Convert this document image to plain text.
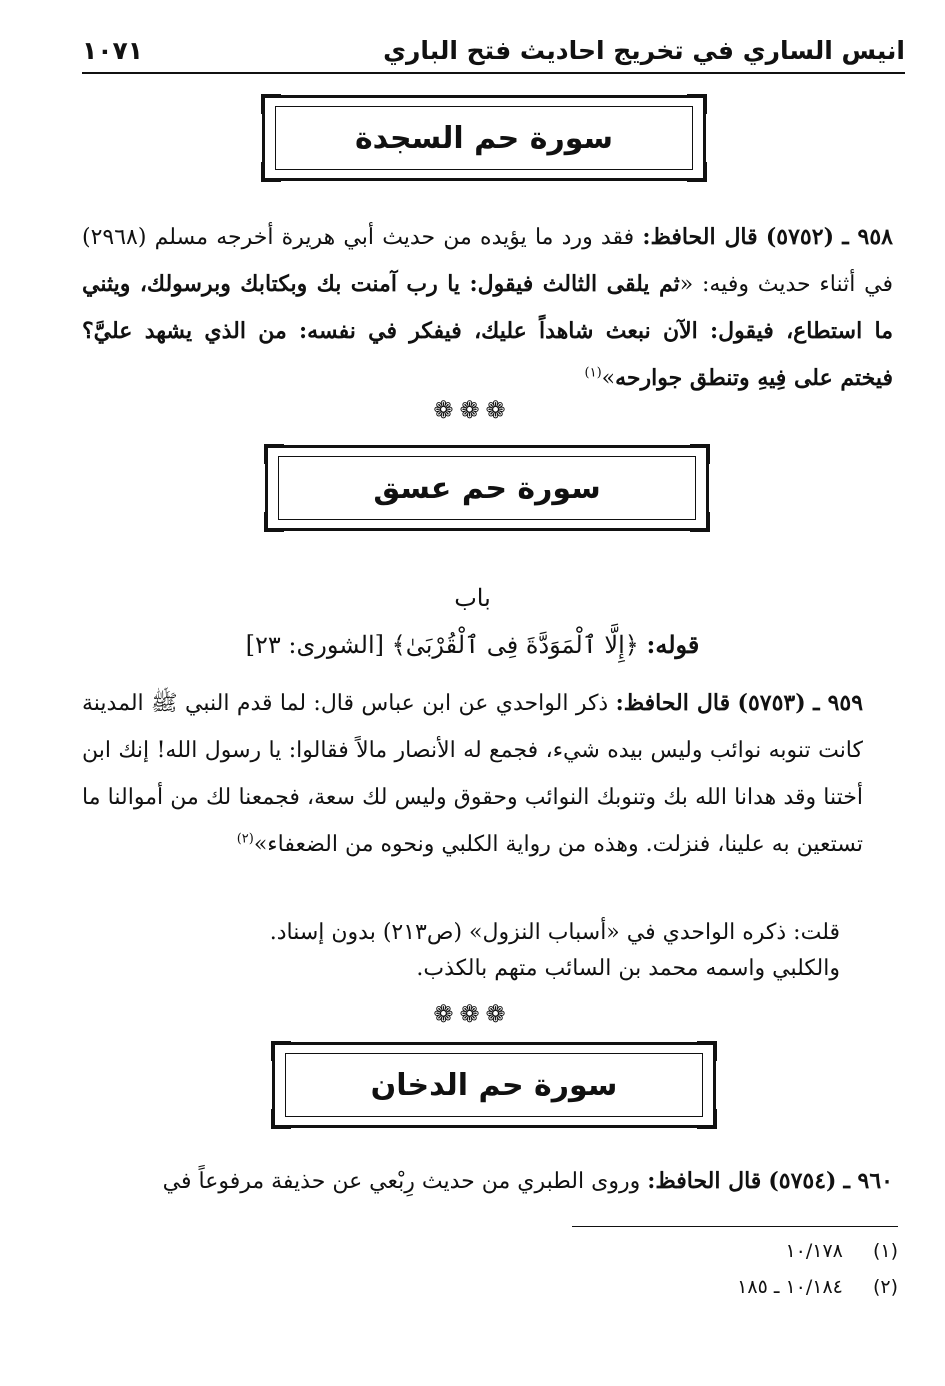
انيس الساري في تخريج احاديث فتح الباري
١٠٧١
سورة حم السجدة

٩٥٨ ـ (٥٧٥٢) قال الحافظ: فقد ورد ما يؤيده من حديث أبي هريرة أخرجه مسلم (٢٩٦٨) في أثناء حديث وفيه: «ثم يلقى الثالث فيقول: يا رب آمنت بك وبكتابك وبرسولك، ويثني ما استطاع، فيقول: الآن نبعث شاهداً عليك، فيفكر في نفسه: من الذي يشهد عليَّ؟ فيختم على فِيهِ وتنطق جوارحه»$^{(١)}$

❁❁❁
سورة حم عسق
باب
قوله: ﴿إِلَّا ٱلْمَوَدَّةَ فِى ٱلْقُرْبَىٰ﴾ [الشورى: ٢٣]

٩٥٩ ـ (٥٧٥٣) قال الحافظ: ذكر الواحدي عن ابن عباس قال: لما قدم النبي ﷺ المدينة كانت تنوبه نوائب وليس بيده شيء، فجمع له الأنصار مالاً فقالوا: يا رسول الله! إنك ابن أختنا وقد هدانا الله بك وتنوبك النوائب وحقوق وليس لك سعة، فجمعنا لك من أموالنا ما تستعين به علينا، فنزلت. وهذه من رواية الكلبي ونحوه من الضعفاء»$^{(٢)}$

قلت: ذكره الواحدي في «أسباب النزول» (ص٢١٣) بدون إسناد.

والكلبي واسمه محمد بن السائب متهم بالكذب.

❁❁❁
سورة حم الدخان

٩٦٠ ـ (٥٧٥٤) قال الحافظ: وروى الطبري من حديث رِبْعي عن حذيفة مرفوعاً في

(١) ١٠/١٧٨
(٢) ١٠/١٨٤ ـ ١٨٥
